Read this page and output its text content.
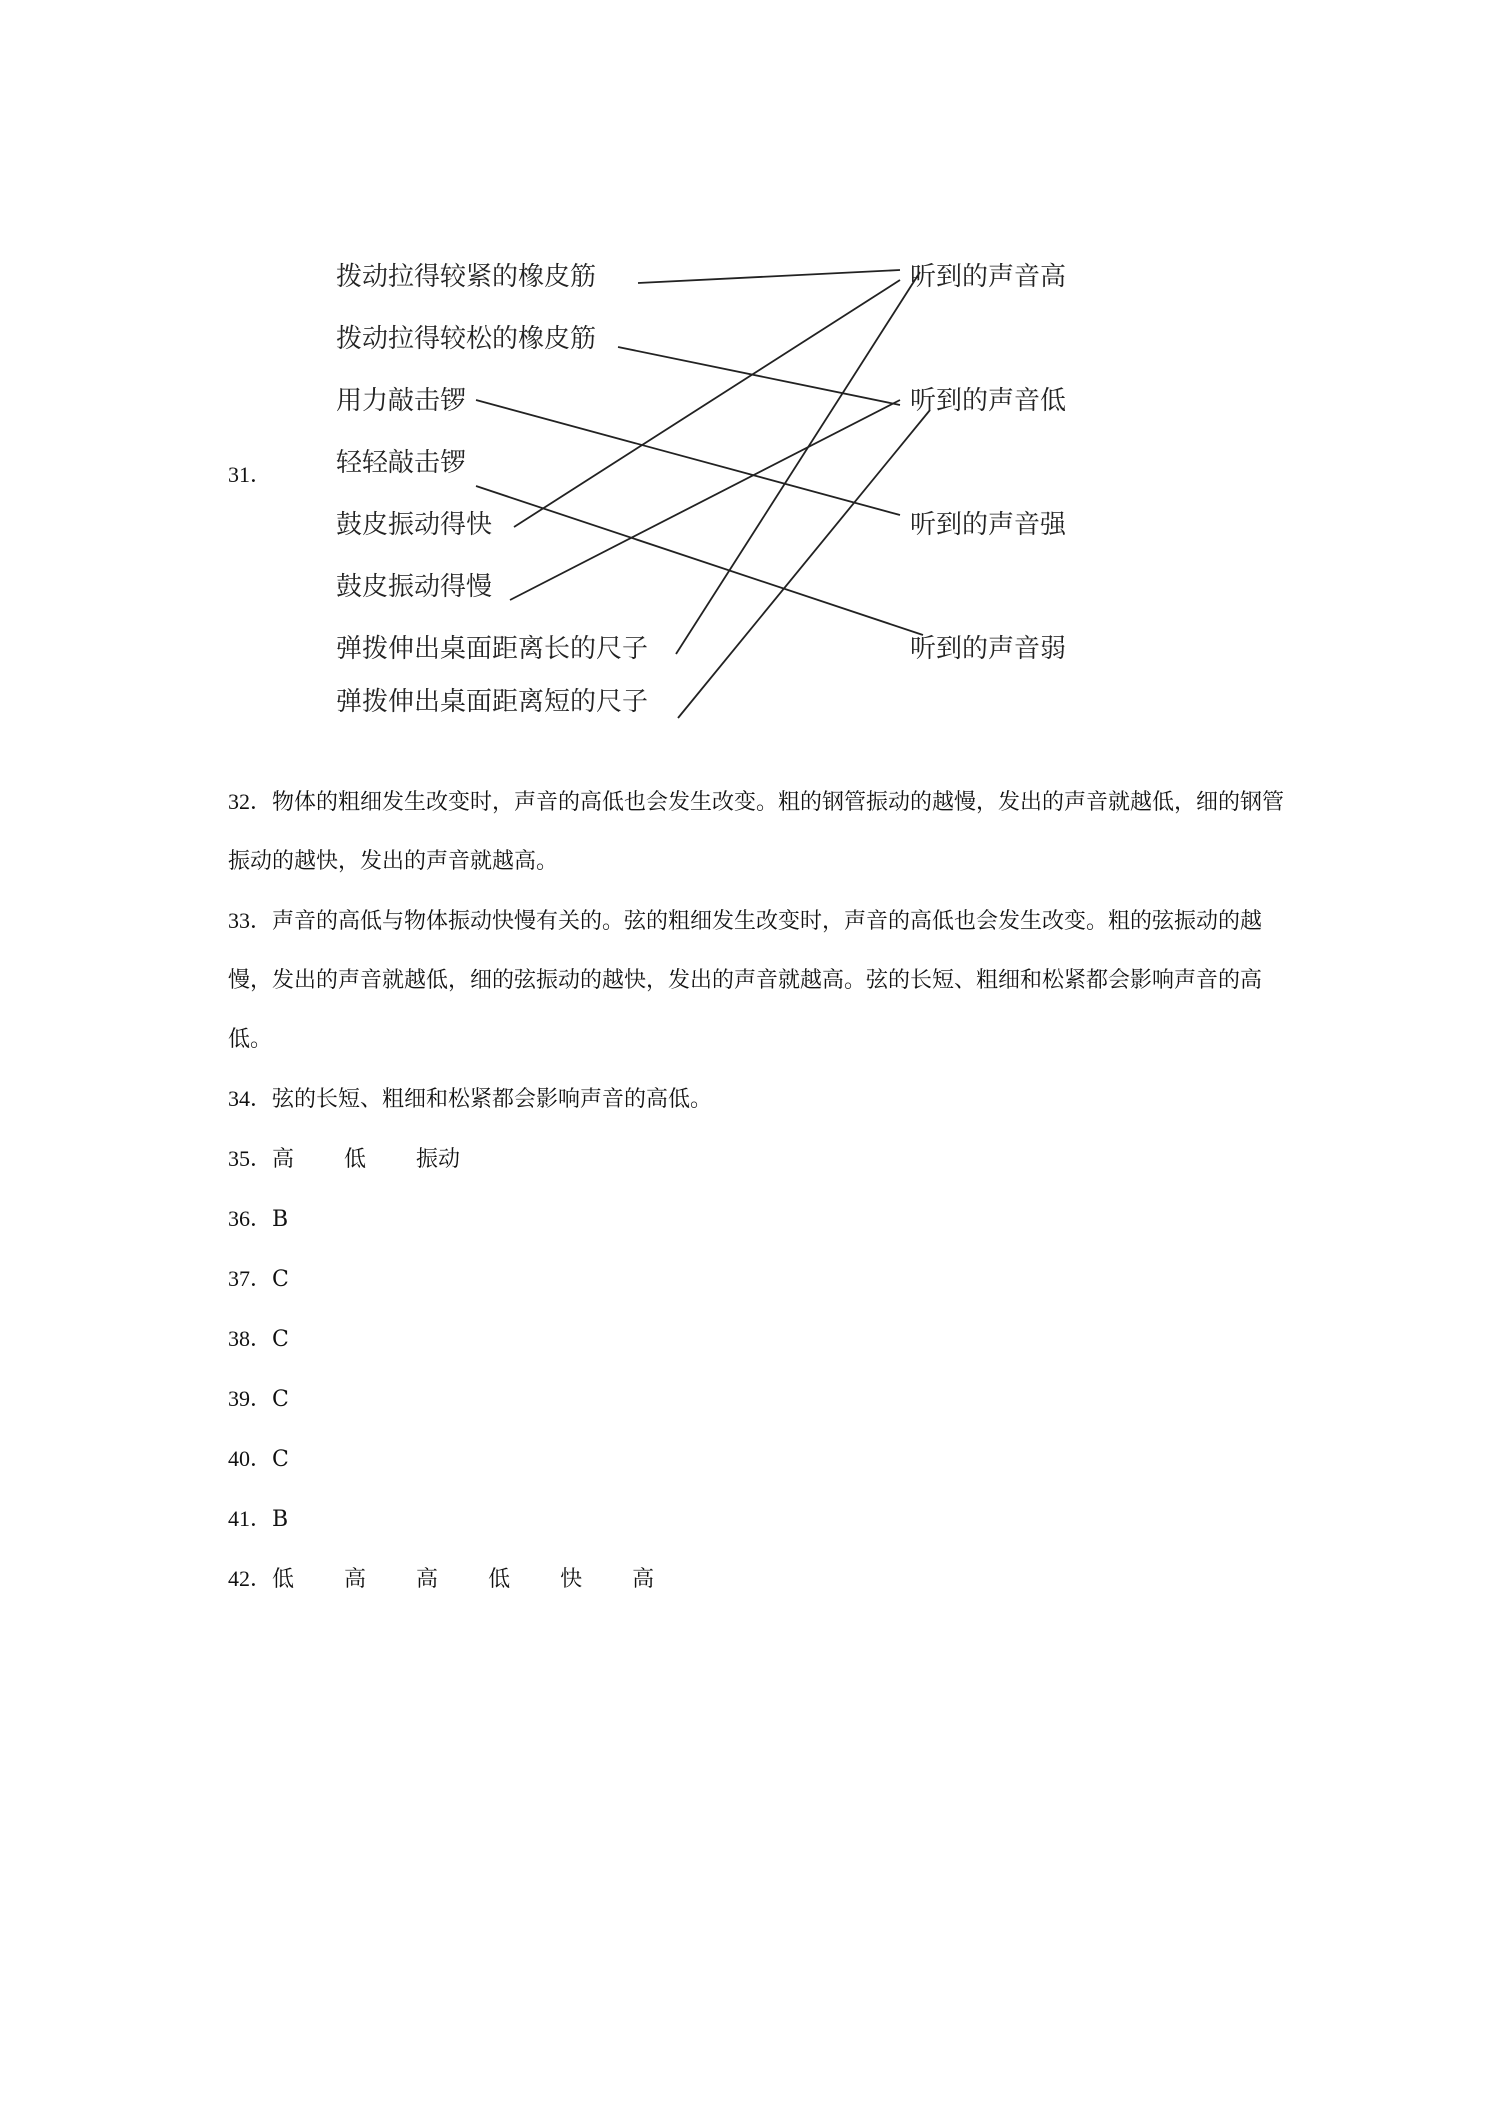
31．
拨动拉得较紧的橡皮筋
拨动拉得较松的橡皮筋
用力敲击锣
轻轻敲击锣
鼓皮振动得快
鼓皮振动得慢
弹拨伸出桌面距离长的尺子
弹拨伸出桌面距离短的尺子
听到的声音高
听到的声音低
听到的声音强
听到的声音弱

32．物体的粗细发生改变时，声音的高低也会发生改变。粗的钢管振动的越慢，发出的声音就越低，细的钢管振动的越快，发出的声音就越高。

33．声音的高低与物体振动快慢有关的。弦的粗细发生改变时，声音的高低也会发生改变。粗的弦振动的越慢，发出的声音就越低，细的弦振动的越快，发出的声音就越高。弦的长短、粗细和松紧都会影响声音的高低。

34．弦的长短、粗细和松紧都会影响声音的高低。

35．高 低 振动

36．B

37．C

38．C

39．C

40．C

41．B

42．低 高 高 低 快 高
